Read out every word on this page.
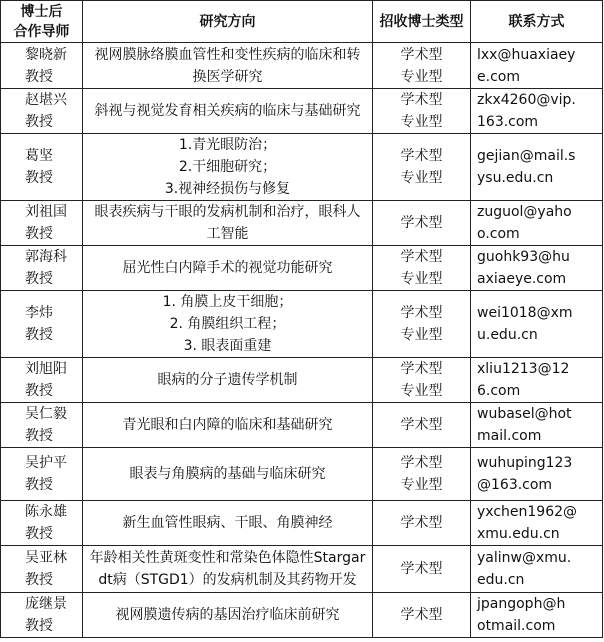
博士后
合作导师	研究方向	招收博士类型	联系方式

黎晓新
教授	视网膜脉络膜血管性和变性疾病的临床和转
换医学研究	学术型
专业型	lxx@huaxiaey
e.com

赵堪兴
教授	斜视与视觉发育相关疾病的临床与基础研究	学术型
专业型	zkx4260@vip.
163.com

葛坚
教授	1.青光眼防治；
2.干细胞研究；
3.视神经损伤与修复	学术型
专业型	gejian@mail.s
ysu.edu.cn

刘祖国
教授	眼表疾病与干眼的发病机制和治疗，眼科人
工智能	学术型	zuguol@yaho
o.com

郭海科
教授	屈光性白内障手术的视觉功能研究	学术型
专业型	guohk93@hu
axiaeye.com

李炜
教授	1. 角膜上皮干细胞；
2. 角膜组织工程；
3. 眼表面重建	学术型
专业型	wei1018@xm
u.edu.cn

刘旭阳
教授	眼病的分子遗传学机制	学术型
专业型	xliu1213@12
6.com

吴仁毅
教授	青光眼和白内障的临床和基础研究	学术型	wubasel@hot
mail.com

吴护平
教授	眼表与角膜病的基础与临床研究	学术型
专业型	wuhuping123
@163.com

陈永雄
教授	新生血管性眼病、干眼、角膜神经	学术型	yxchen1962@
xmu.edu.cn

吴亚林
教授	年龄相关性黄斑变性和常染色体隐性Stargar
dt病（STGD1）的发病机制及其药物开发	学术型	yalinw@xmu.
edu.cn

庞继景
教授	视网膜遗传病的基因治疗临床前研究	学术型	jpangoph@h
otmail.com
